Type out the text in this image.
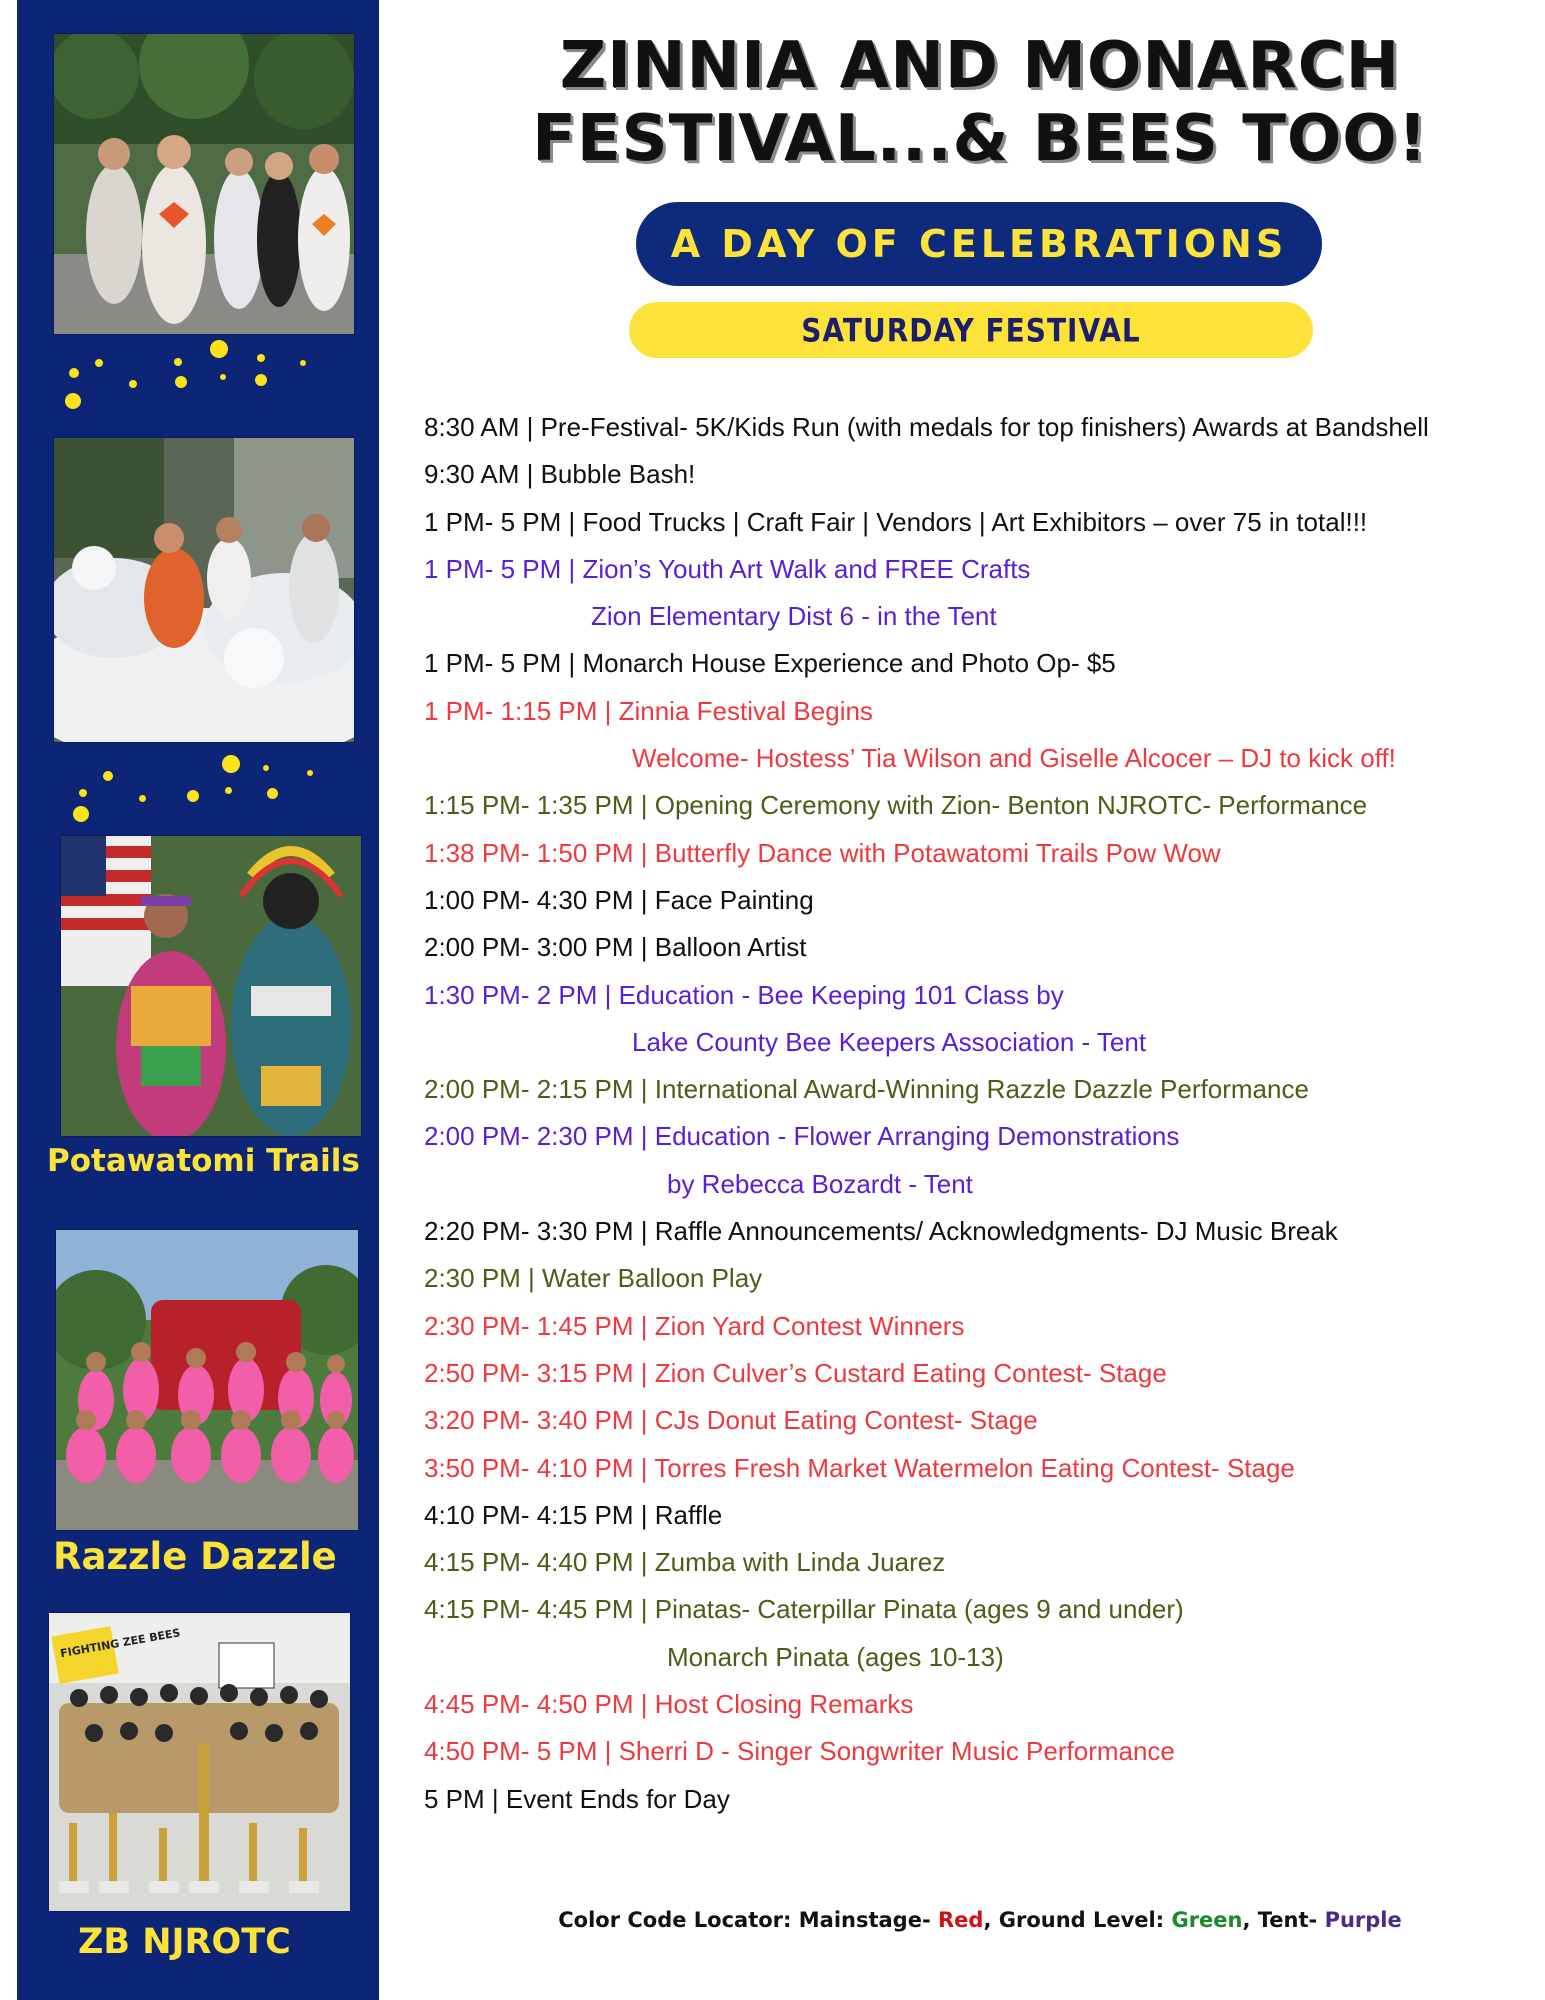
Potawatomi Trails
Razzle Dazzle
FIGHTING ZEE BEES
ZB NJROTC
ZINNIA AND MONARCH
FESTIVAL...& BEES TOO!
A DAY OF CELEBRATIONS
SATURDAY FESTIVAL
8:30 AM | Pre-Festival- 5K/Kids Run (with medals for top finishers) Awards at Bandshell
9:30 AM | Bubble Bash!
1 PM- 5 PM | Food Trucks | Craft Fair | Vendors | Art Exhibitors – over 75 in total!!!
1 PM- 5 PM | Zion’s Youth Art Walk and FREE Crafts
Zion Elementary Dist 6 - in the Tent
1 PM- 5 PM | Monarch House Experience and Photo Op- $5
1 PM- 1:15 PM | Zinnia Festival Begins
Welcome- Hostess’ Tia Wilson and Giselle Alcocer – DJ to kick off!
1:15 PM- 1:35 PM | Opening Ceremony with Zion- Benton NJROTC- Performance
1:38 PM- 1:50 PM | Butterfly Dance with Potawatomi Trails Pow Wow
1:00 PM- 4:30 PM | Face Painting
2:00 PM- 3:00 PM | Balloon Artist
1:30 PM- 2 PM | Education - Bee Keeping 101 Class by
Lake County Bee Keepers Association - Tent
2:00 PM- 2:15 PM | International Award-Winning Razzle Dazzle Performance
2:00 PM- 2:30 PM | Education - Flower Arranging Demonstrations
by Rebecca Bozardt - Tent
2:20 PM- 3:30 PM | Raffle Announcements/ Acknowledgments- DJ Music Break
2:30 PM | Water Balloon Play
2:30 PM- 1:45 PM | Zion Yard Contest Winners
2:50 PM- 3:15 PM | Zion Culver’s Custard Eating Contest- Stage
3:20 PM- 3:40 PM | CJs Donut Eating Contest- Stage
3:50 PM- 4:10 PM | Torres Fresh Market Watermelon Eating Contest- Stage
4:10 PM- 4:15 PM | Raffle
4:15 PM- 4:40 PM | Zumba with Linda Juarez
4:15 PM- 4:45 PM | Pinatas- Caterpillar Pinata (ages 9 and under)
Monarch Pinata (ages 10-13)
4:45 PM- 4:50 PM | Host Closing Remarks
4:50 PM- 5 PM | Sherri D - Singer Songwriter Music Performance
5 PM | Event Ends for Day
Color Code Locator: Mainstage- Red, Ground Level: Green, Tent- Purple
